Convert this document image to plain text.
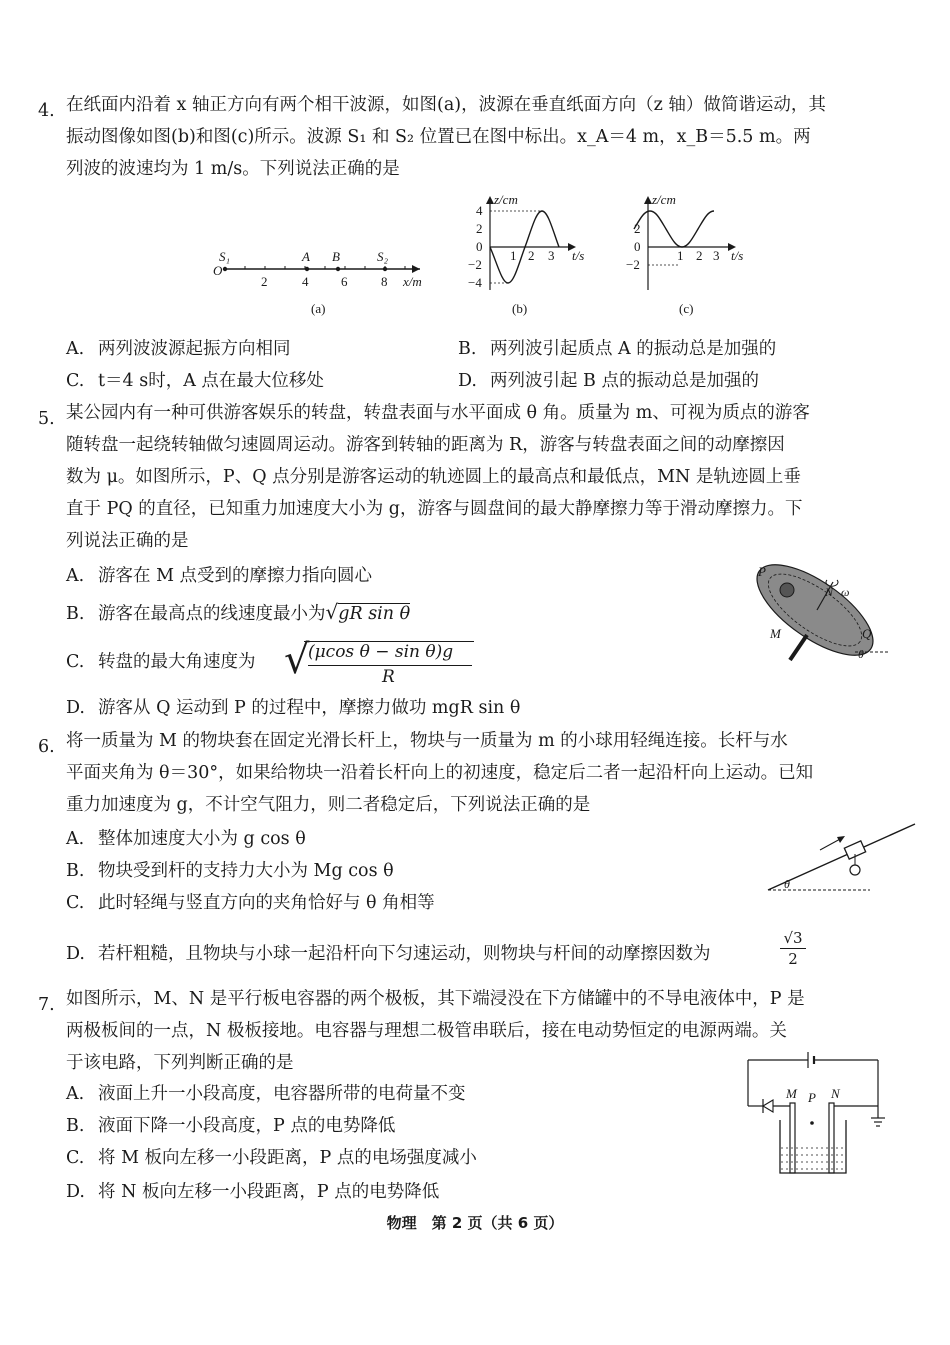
4. 在纸面内沿着 x 轴正方向有两个相干波源，如图(a)，波源在垂直纸面方向（z 轴）做简谐运动，其
振动图像如图(b)和图(c)所示。波源 S₁ 和 S₂ 位置已在图中标出。x_A＝4 m，x_B＝5.5 m。两
列波的波速均为 1 m/s。下列说法正确的是
S₁	A B	S₂
O
2	4	6	8 x/m
(a)
z/cm
4
2
0
−2
−4
1 2 3 t/s
(b)
z/cm
2
0
−2
1 2 3 t/s
(c)
A. 两列波波源起振方向相同	B. 两列波引起质点 A 的振动总是加强的
C. t＝4 s时，A 点在最大位移处	D. 两列波引起 B 点的振动总是加强的
5. 某公园内有一种可供游客娱乐的转盘，转盘表面与水平面成 θ 角。质量为 m、可视为质点的游客
随转盘一起绕转轴做匀速圆周运动。游客到转轴的距离为 R，游客与转盘表面之间的动摩擦因
数为 μ。如图所示，P、Q 点分别是游客运动的轨迹圆上的最高点和最低点，MN 是轨迹圆上垂
直于 PQ 的直径，已知重力加速度大小为 g，游客与圆盘间的最大静摩擦力等于滑动摩擦力。下
列说法正确的是
P
N ω
M	Q
θ
A. 游客在 M 点受到的摩擦力指向圆心
B. 游客在最高点的线速度最小为√gR sin θ
C. 转盘的最大角速度为 √
(μcos θ − sin θ)g
R
D. 游客从 Q 运动到 P 的过程中，摩擦力做功 mgR sin θ
6. 将一质量为 M 的物块套在固定光滑长杆上，物块与一质量为 m 的小球用轻绳连接。长杆与水
平面夹角为 θ＝30°，如果给物块一沿着长杆向上的初速度，稳定后二者一起沿杆向上运动。已知
重力加速度为 g，不计空气阻力，则二者稳定后，下列说法正确的是
θ
A. 整体加速度大小为 g cos θ
B. 物块受到杆的支持力大小为 Mg cos θ
C. 此时轻绳与竖直方向的夹角恰好与 θ 角相等
D. 若杆粗糙，且物块与小球一起沿杆向下匀速运动，则物块与杆间的动摩擦因数为
√3
2
7. 如图所示，M、N 是平行板电容器的两个极板，其下端浸没在下方储罐中的不导电液体中，P 是
两极板间的一点，N 极板接地。电容器与理想二极管串联后，接在电动势恒定的电源两端。关
于该电路，下列判断正确的是
M P N
A. 液面上升一小段高度，电容器所带的电荷量不变
B. 液面下降一小段高度，P 点的电势降低
C. 将 M 板向左移一小段距离，P 点的电场强度减小
D. 将 N 板向左移一小段距离，P 点的电势降低
物理　第 2 页（共 6 页）
